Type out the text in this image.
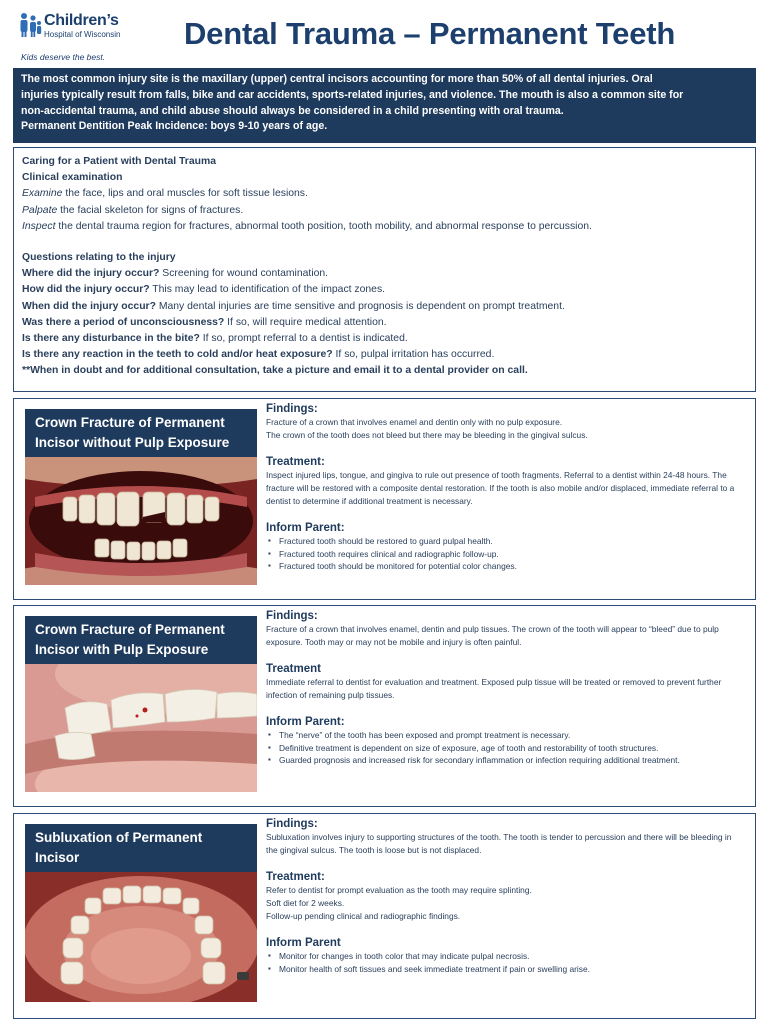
Children’s
Hospital of Wisconsin
Kids deserve the best.
Dental Trauma – Permanent Teeth
The most common injury site is the maxillary (upper) central incisors accounting for more than 50% of all dental injuries. Oral
injuries typically result from falls, bike and car accidents, sports-related injuries, and violence. The mouth is also a common site for
non-accidental trauma, and child abuse should always be considered in a child presenting with oral trauma.
Permanent Dentition Peak Incidence: boys 9-10 years of age.
Caring for a Patient with Dental Trauma
Clinical examination
Examine the face, lips and oral muscles for soft tissue lesions.
Palpate the facial skeleton for signs of fractures.
Inspect the dental trauma region for fractures, abnormal tooth position, tooth mobility, and abnormal response to percussion.
Questions relating to the injury
Where did the injury occur? Screening for wound contamination.
How did the injury occur? This may lead to identification of the impact zones.
When did the injury occur? Many dental injuries are time sensitive and prognosis is dependent on prompt treatment.
Was there a period of unconsciousness? If so, will require medical attention.
Is there any disturbance in the bite? If so, prompt referral to a dentist is indicated.
Is there any reaction in the teeth to cold and/or heat exposure? If so, pulpal irritation has occurred.
**When in doubt and for additional consultation, take a picture and email it to a dental provider on call.
Crown Fracture of Permanent Incisor without Pulp Exposure
Findings:
Fracture of a crown that involves enamel and dentin only with no pulp exposure.
The crown of the tooth does not bleed but there may be bleeding in the gingival sulcus.
Treatment:
Inspect injured lips, tongue, and gingiva to rule out presence of tooth fragments. Referral to a dentist within 24-48 hours. The fracture will be restored with a composite dental restoration. If the tooth is also mobile and/or displaced, immediate referral to a dentist to determine if additional treatment is necessary.
Inform Parent:
▪ Fractured tooth should be restored to guard pulpal health.
▪ Fractured tooth requires clinical and radiographic follow-up.
▪ Fractured tooth should be monitored for potential color changes.
Crown Fracture of Permanent Incisor with Pulp Exposure
Findings:
Fracture of a crown that involves enamel, dentin and pulp tissues. The crown of the tooth will appear to “bleed” due to pulp exposure. Tooth may or may not be mobile and injury is often painful.
Treatment
Immediate referral to dentist for evaluation and treatment. Exposed pulp tissue will be treated or removed to prevent further infection of remaining pulp tissues.
Inform Parent:
▪ The “nerve” of the tooth has been exposed and prompt treatment is necessary.
▪ Definitive treatment is dependent on size of exposure, age of tooth and restorability of tooth structures.
▪ Guarded prognosis and increased risk for secondary inflammation or infection requiring additional treatment.
Subluxation of Permanent Incisor
Findings:
Subluxation involves injury to supporting structures of the tooth. The tooth is tender to percussion and there will be bleeding in the gingival sulcus. The tooth is loose but is not displaced.
Treatment:
Refer to dentist for prompt evaluation as the tooth may require splinting.
Soft diet for 2 weeks.
Follow-up pending clinical and radiographic findings.
Inform Parent
▪ Monitor for changes in tooth color that may indicate pulpal necrosis.
▪ Monitor health of soft tissues and seek immediate treatment if pain or swelling arise.
